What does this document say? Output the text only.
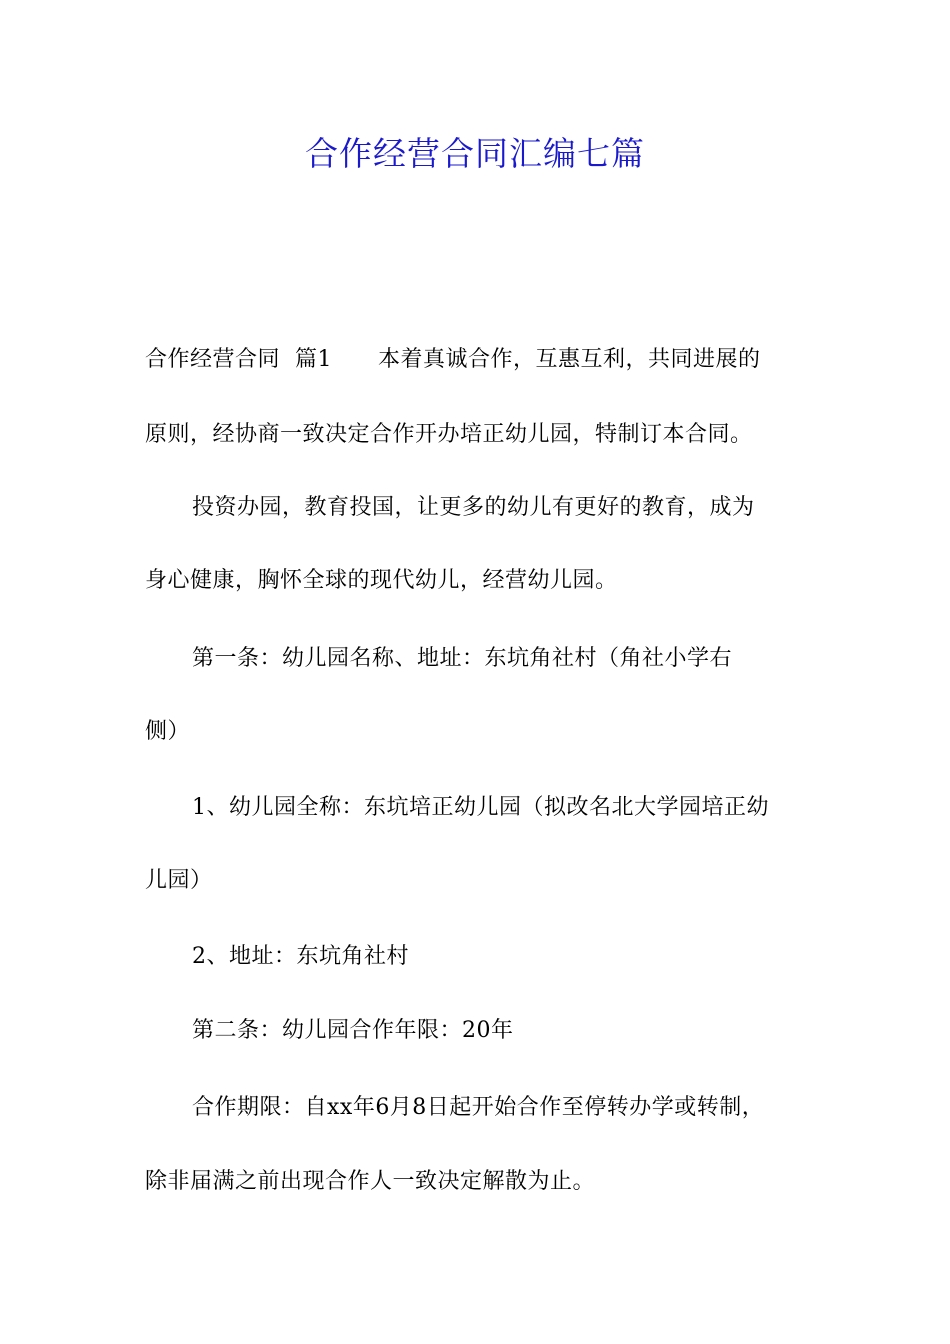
合作经营合同汇编七篇
合作经营合同  篇1 本着真诚合作，互惠互利，共同进展的

原则，经协商一致决定合作开办培正幼儿园，特制订本合同。

投资办园，教育投国，让更多的幼儿有更好的教育，成为

身心健康，胸怀全球的现代幼儿，经营幼儿园。

第一条：幼儿园名称、地址：东坑角社村（角社小学右

侧）

1、幼儿园全称：东坑培正幼儿园（拟改名北大学园培正幼

儿园）

2、地址：东坑角社村

第二条：幼儿园合作年限：20年

合作期限：自xx年6月8日起开始合作至停转办学或转制，

除非届满之前出现合作人一致决定解散为止。
